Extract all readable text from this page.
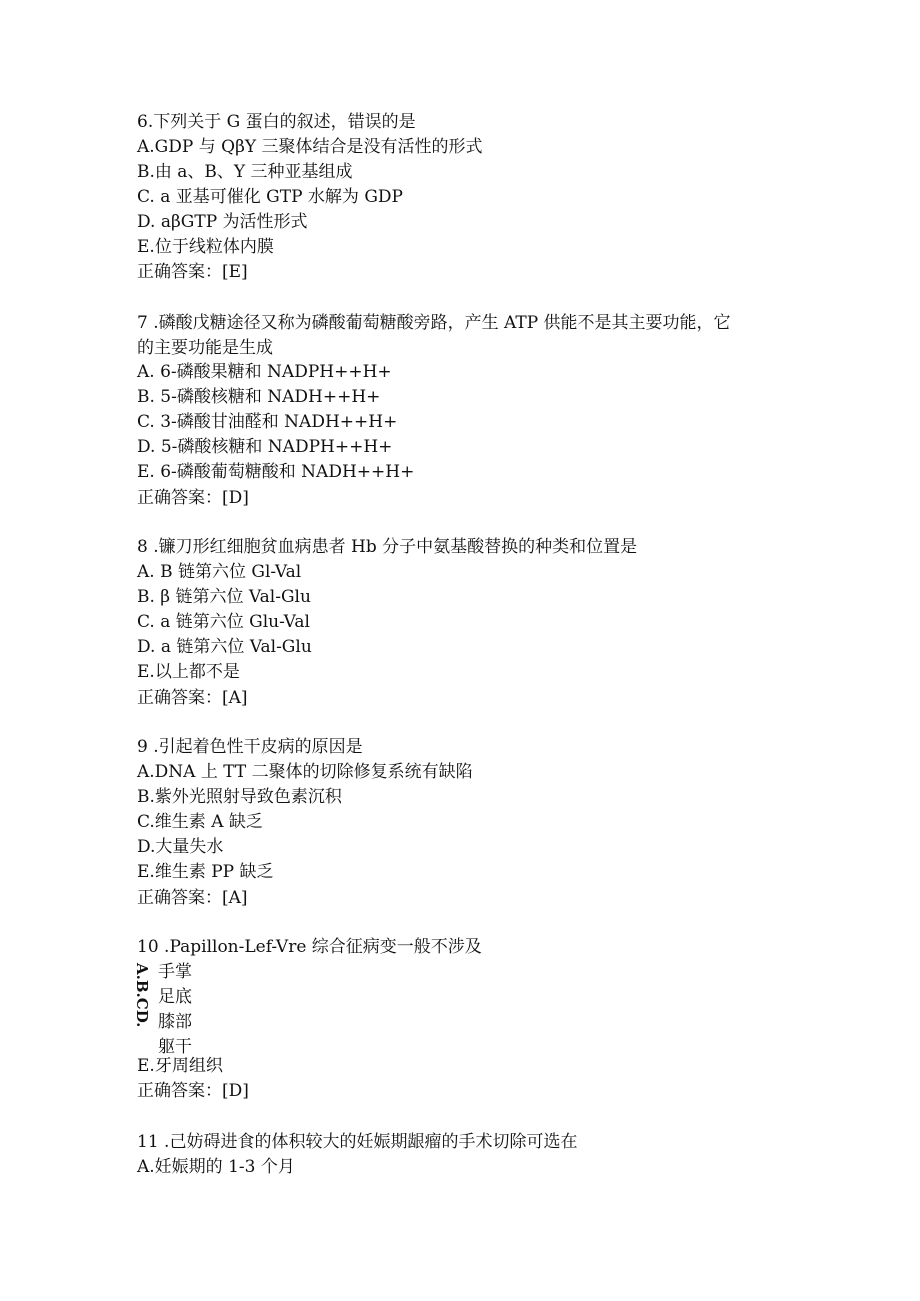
6.下列关于 G 蛋白的叙述，错误的是
A.GDP 与 QβY 三聚体结合是没有活性的形式
B.由 a、B、Y 三种亚基组成
C. a 亚基可催化 GTP 水解为 GDP
D. aβGTP 为活性形式
E.位于线粒体内膜
正确答案：[E]
7 .磷酸戊糖途径又称为磷酸葡萄糖酸旁路，产生 ATP 供能不是其主要功能，它
的主要功能是生成
A. 6-磷酸果糖和 NADPH++H+
B. 5-磷酸核糖和 NADH++H+
C. 3-磷酸甘油醛和 NADH++H+
D. 5-磷酸核糖和 NADPH++H+
E. 6-磷酸葡萄糖酸和 NADH++H+
正确答案：[D]
8 .镰刀形红细胞贫血病患者 Hb 分子中氨基酸替换的种类和位置是
A. B 链第六位 Gl-Val
B. β 链第六位 Val-Glu
C. a 链第六位 Glu-Val
D. a 链第六位 Val-Glu
E.以上都不是
正确答案：[A]
9 .引起着色性干皮病的原因是
A.DNA 上 TT 二聚体的切除修复系统有缺陷
B.紫外光照射导致色素沉积
C.维生素 A 缺乏
D.大量失水
E.维生素 PP 缺乏
正确答案：[A]
10 .Papillon-Lef-Vre 综合征病变一般不涉及
A.B.CD. 手掌
足底
膝部
躯干
E.牙周组织
正确答案：[D]
11 .己妨碍进食的体积较大的妊娠期龈瘤的手术切除可选在
A.妊娠期的 1-3 个月
